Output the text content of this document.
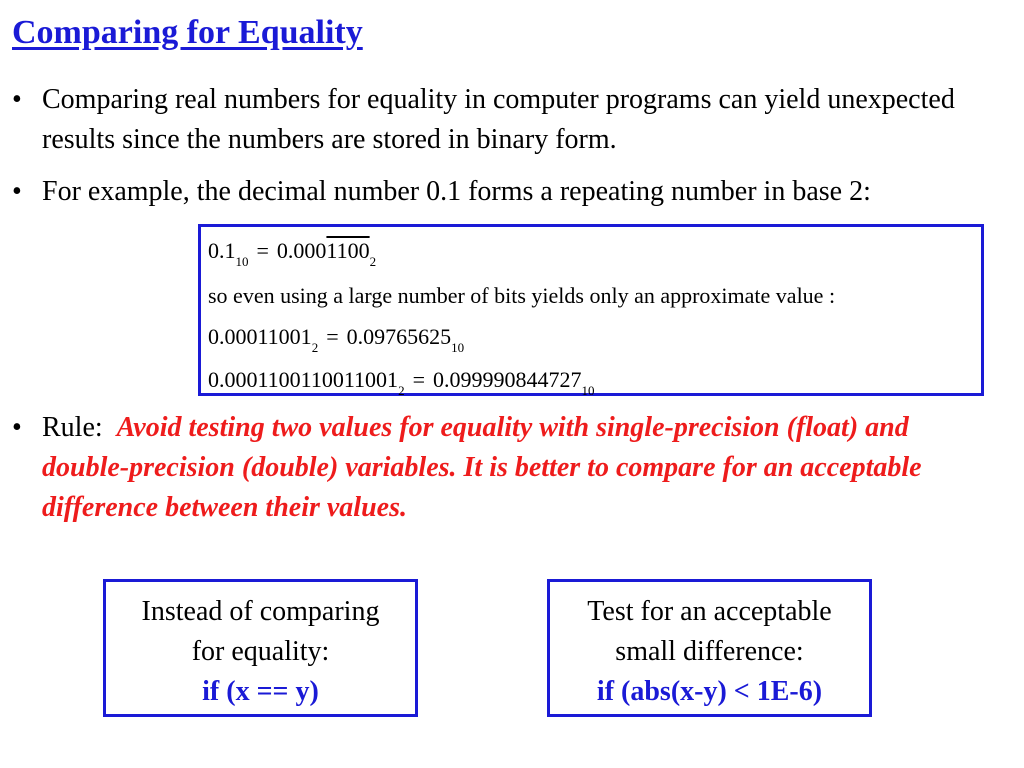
Comparing for Equality
• Comparing real numbers for equality in computer programs can yield unexpected results since the numbers are stored in binary form.
• For example, the decimal number 0.1 forms a repeating number in base 2:
$0.1_{10} = 0.0001100_2$
so even using a large number of bits yields only an approximate value :
$0.00011001_2 = 0.09765625_{10}$
$0.0001100110011001_2 = 0.099990844727_{10}$
• Rule: Avoid testing two values for equality with single-precision (float) and double-precision (double) variables. It is better to compare for an acceptable difference between their values.
Instead of comparing
for equality:
if (x == y)
Test for an acceptable
small difference:
if (abs(x-y) < 1E-6)
